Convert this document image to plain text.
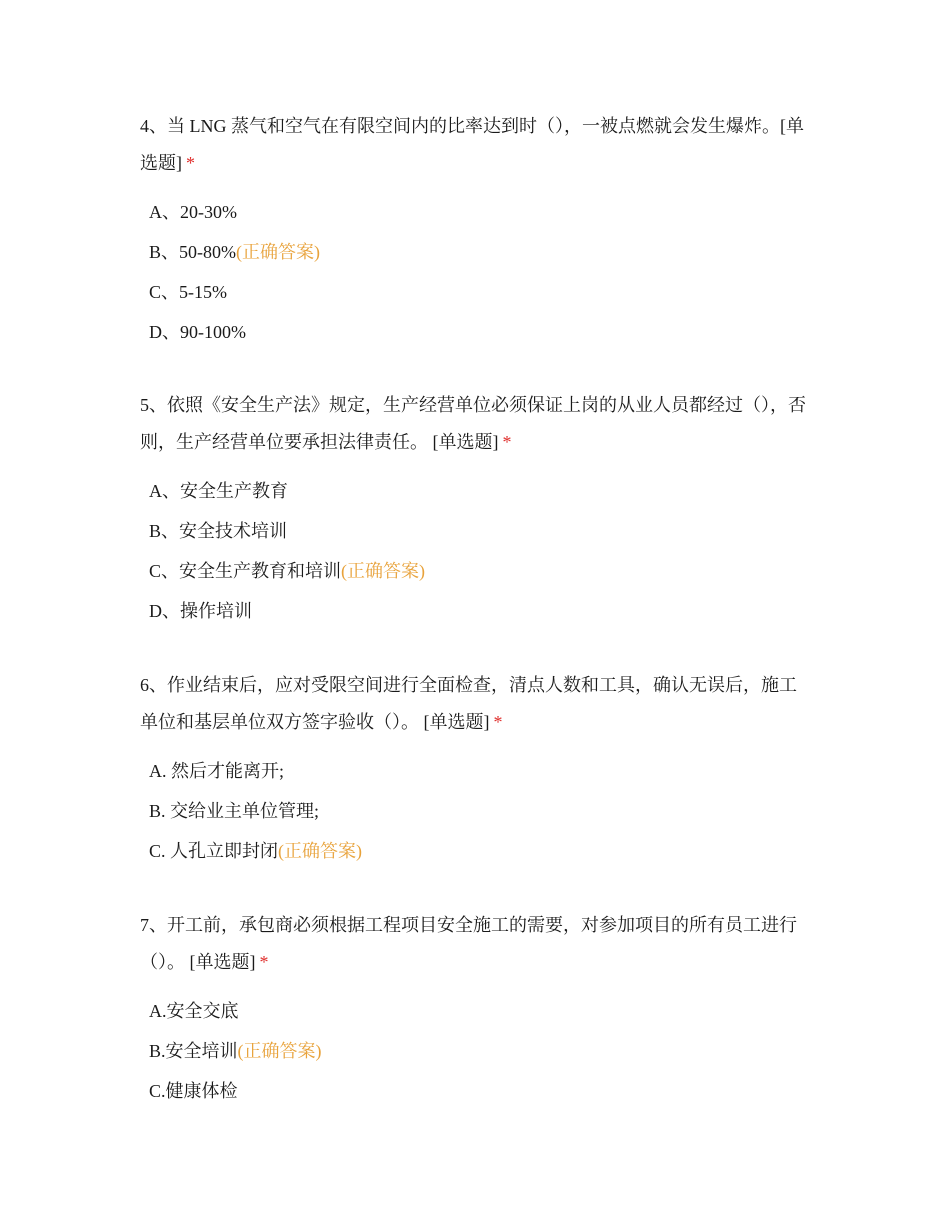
4、当 LNG 蒸气和空气在有限空间内的比率达到时（），一被点燃就会发生爆炸。[单选题] *

A、20-30%
B、50-80%(正确答案)
C、5-15%
D、90-100%

5、依照《安全生产法》规定，生产经营单位必须保证上岗的从业人员都经过（），否则，生产经营单位要承担法律责任。 [单选题] *

A、安全生产教育
B、安全技术培训
C、安全生产教育和培训(正确答案)
D、操作培训

6、作业结束后，应对受限空间进行全面检查，清点人数和工具，确认无误后，施工单位和基层单位双方签字验收（）。 [单选题] *

A. 然后才能离开;
B. 交给业主单位管理;
C. 人孔立即封闭(正确答案)

7、开工前，承包商必须根据工程项目安全施工的需要，对参加项目的所有员工进行（）。 [单选题] *

A.安全交底
B.安全培训(正确答案)
C.健康体检
